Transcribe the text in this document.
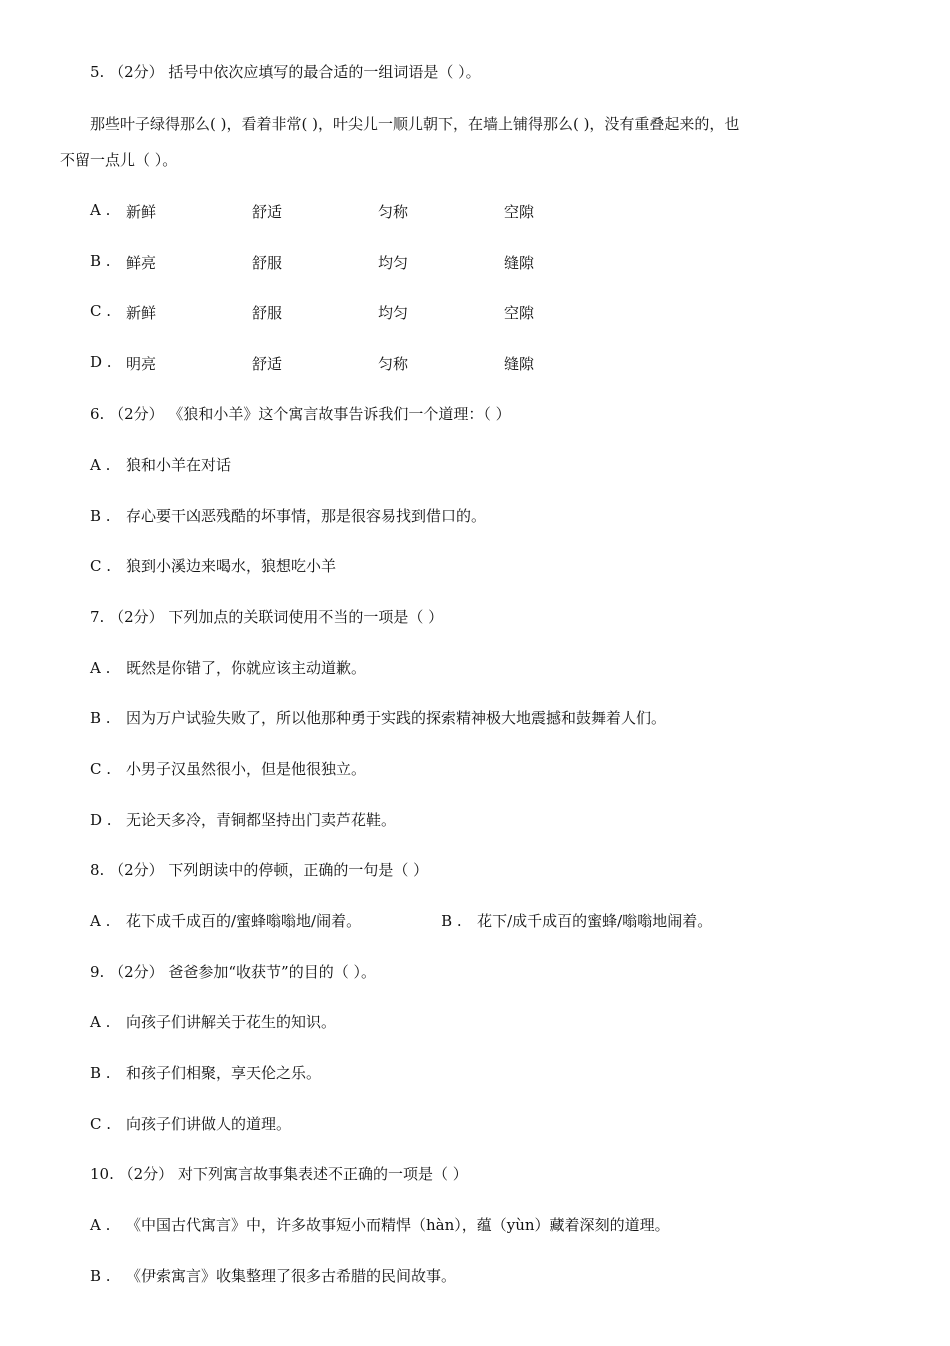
5. （2分） 括号中依次应填写的最合适的一组词语是（ ）。
那些叶子绿得那么( )，看着非常( )，叶尖儿一顺儿朝下，在墙上铺得那么( )，没有重叠起来的，也
不留一点儿（ ）。
A . 新鲜	舒适	匀称	空隙
B . 鲜亮	舒服	均匀	缝隙
C . 新鲜	舒服	均匀	空隙
D . 明亮	舒适	匀称	缝隙
6. （2分） 《狼和小羊》这个寓言故事告诉我们一个道理：（ ）
A . 狼和小羊在对话
B . 存心要干凶恶残酷的坏事情，那是很容易找到借口的。
C . 狼到小溪边来喝水，狼想吃小羊
7. （2分） 下列加点的关联词使用不当的一项是（ ）
A . 既然是你错了，你就应该主动道歉。
B . 因为万户试验失败了，所以他那种勇于实践的探索精神极大地震撼和鼓舞着人们。
C . 小男子汉虽然很小，但是他很独立。
D . 无论天多冷，青铜都坚持出门卖芦花鞋。
8. （2分） 下列朗读中的停顿，正确的一句是（ ）
A . 花下成千成百的/蜜蜂嗡嗡地/闹着。	B . 花下/成千成百的蜜蜂/嗡嗡地闹着。
9. （2分） 爸爸参加“收获节”的目的（ ）。
A . 向孩子们讲解关于花生的知识。
B . 和孩子们相聚，享天伦之乐。
C . 向孩子们讲做人的道理。
10. （2分） 对下列寓言故事集表述不正确的一项是（ ）
A . 《中国古代寓言》中，许多故事短小而精悍（hàn），蕴（yùn）藏着深刻的道理。
B . 《伊索寓言》收集整理了很多古希腊的民间故事。
